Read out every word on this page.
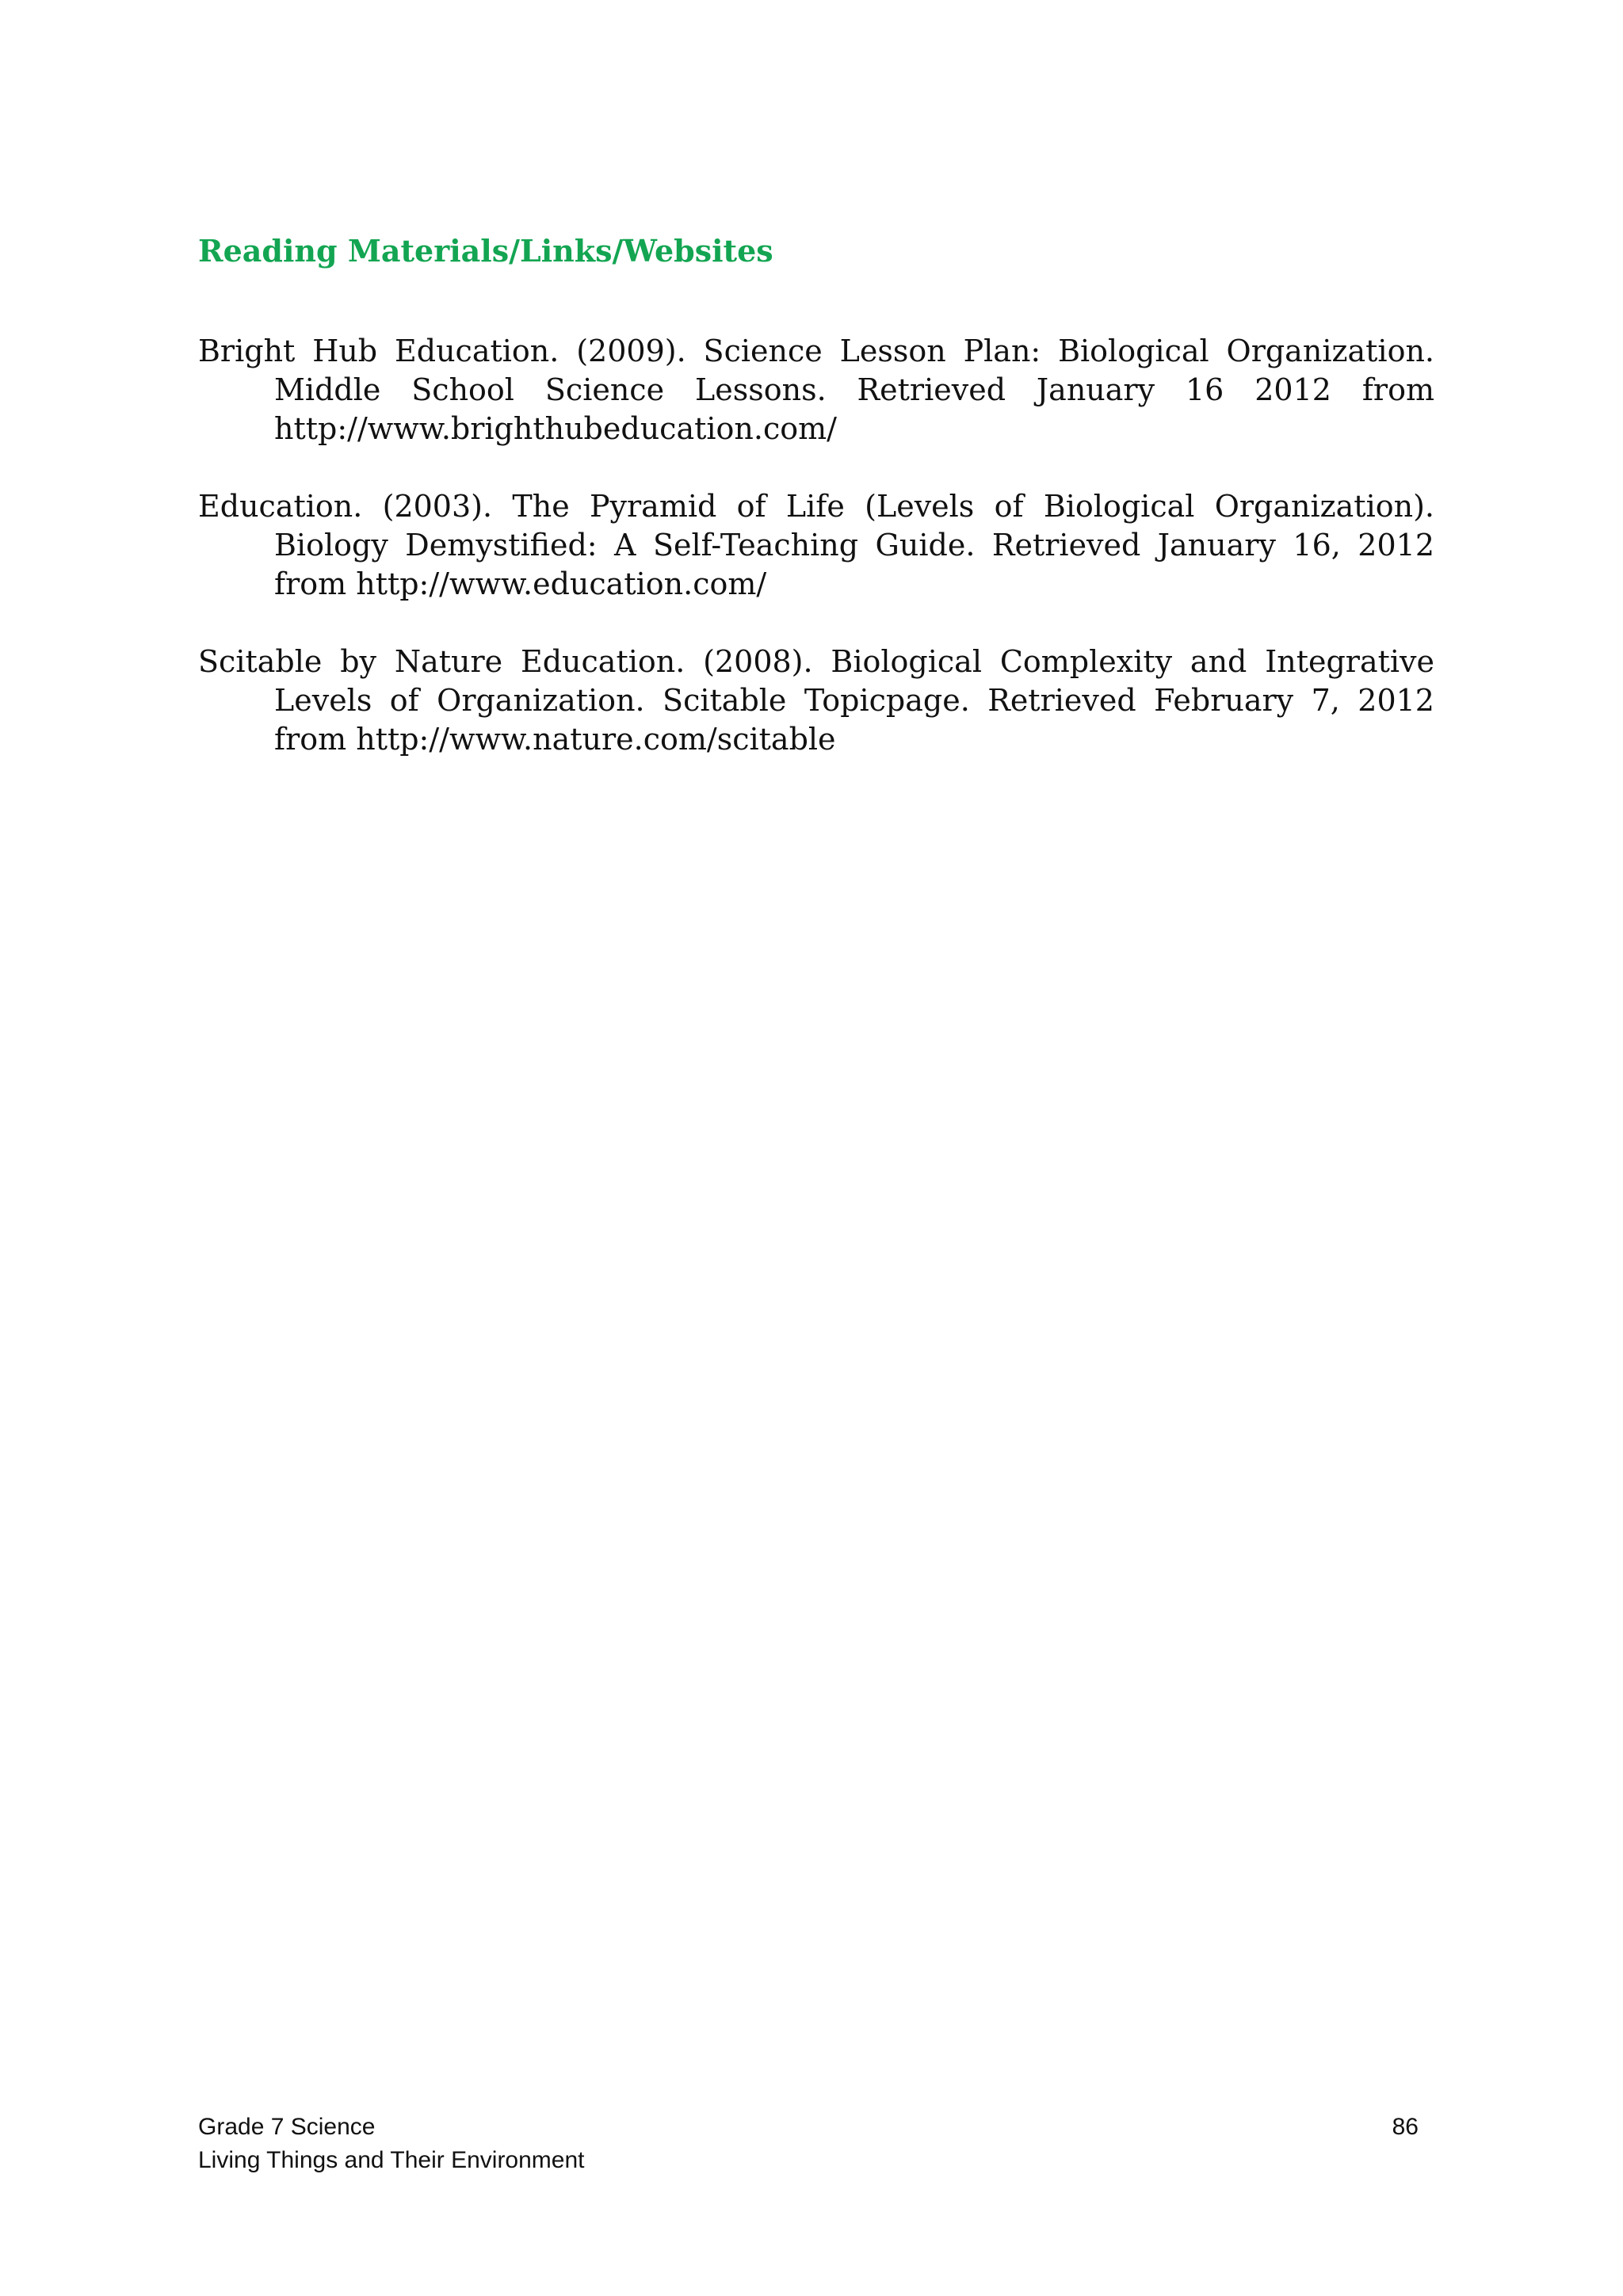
Reading Materials/Links/Websites
Bright Hub Education. (2009). Science Lesson Plan: Biological Organization. Middle School Science Lessons. Retrieved January 16 2012 from http://www.brighthubeducation.com/
Education. (2003). The Pyramid of Life (Levels of Biological Organization). Biology Demystified: A Self-Teaching Guide. Retrieved January 16, 2012 from http://www.education.com/
Scitable by Nature Education. (2008). Biological Complexity and Integrative Levels of Organization. Scitable Topicpage. Retrieved February 7, 2012 from http://www.nature.com/scitable
Grade 7 Science
Living Things and Their Environment
86
